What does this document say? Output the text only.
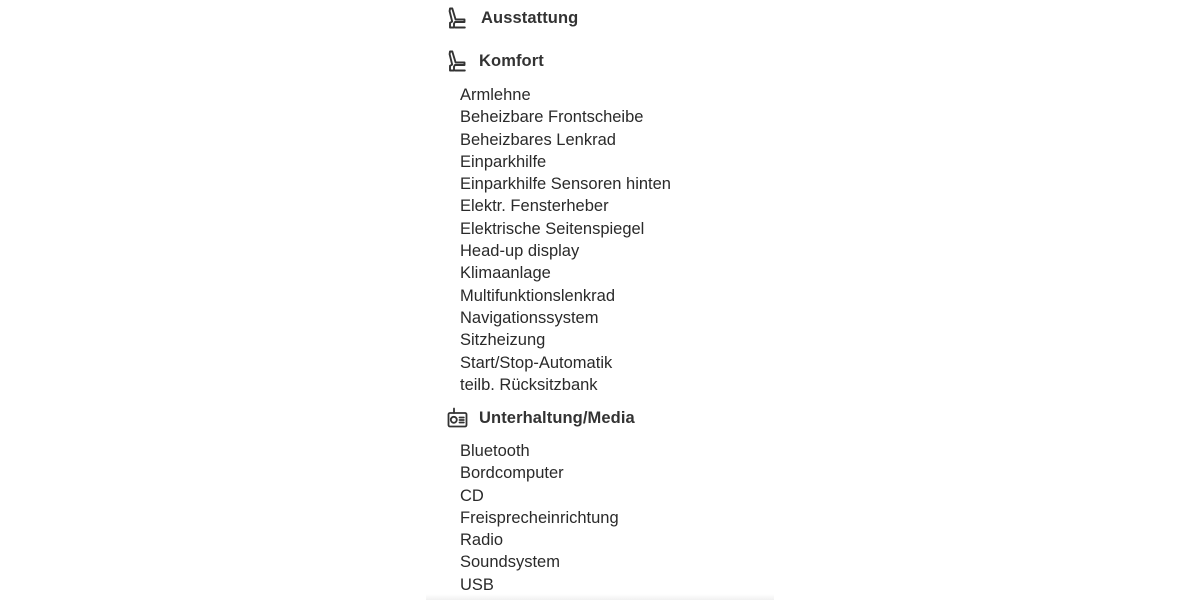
Ausstattung
Komfort
Armlehne
Beheizbare Frontscheibe
Beheizbares Lenkrad
Einparkhilfe
Einparkhilfe Sensoren hinten
Elektr. Fensterheber
Elektrische Seitenspiegel
Head-up display
Klimaanlage
Multifunktionslenkrad
Navigationssystem
Sitzheizung
Start/Stop-Automatik
teilb. Rücksitzbank
Unterhaltung/Media
Bluetooth
Bordcomputer
CD
Freisprecheinrichtung
Radio
Soundsystem
USB
